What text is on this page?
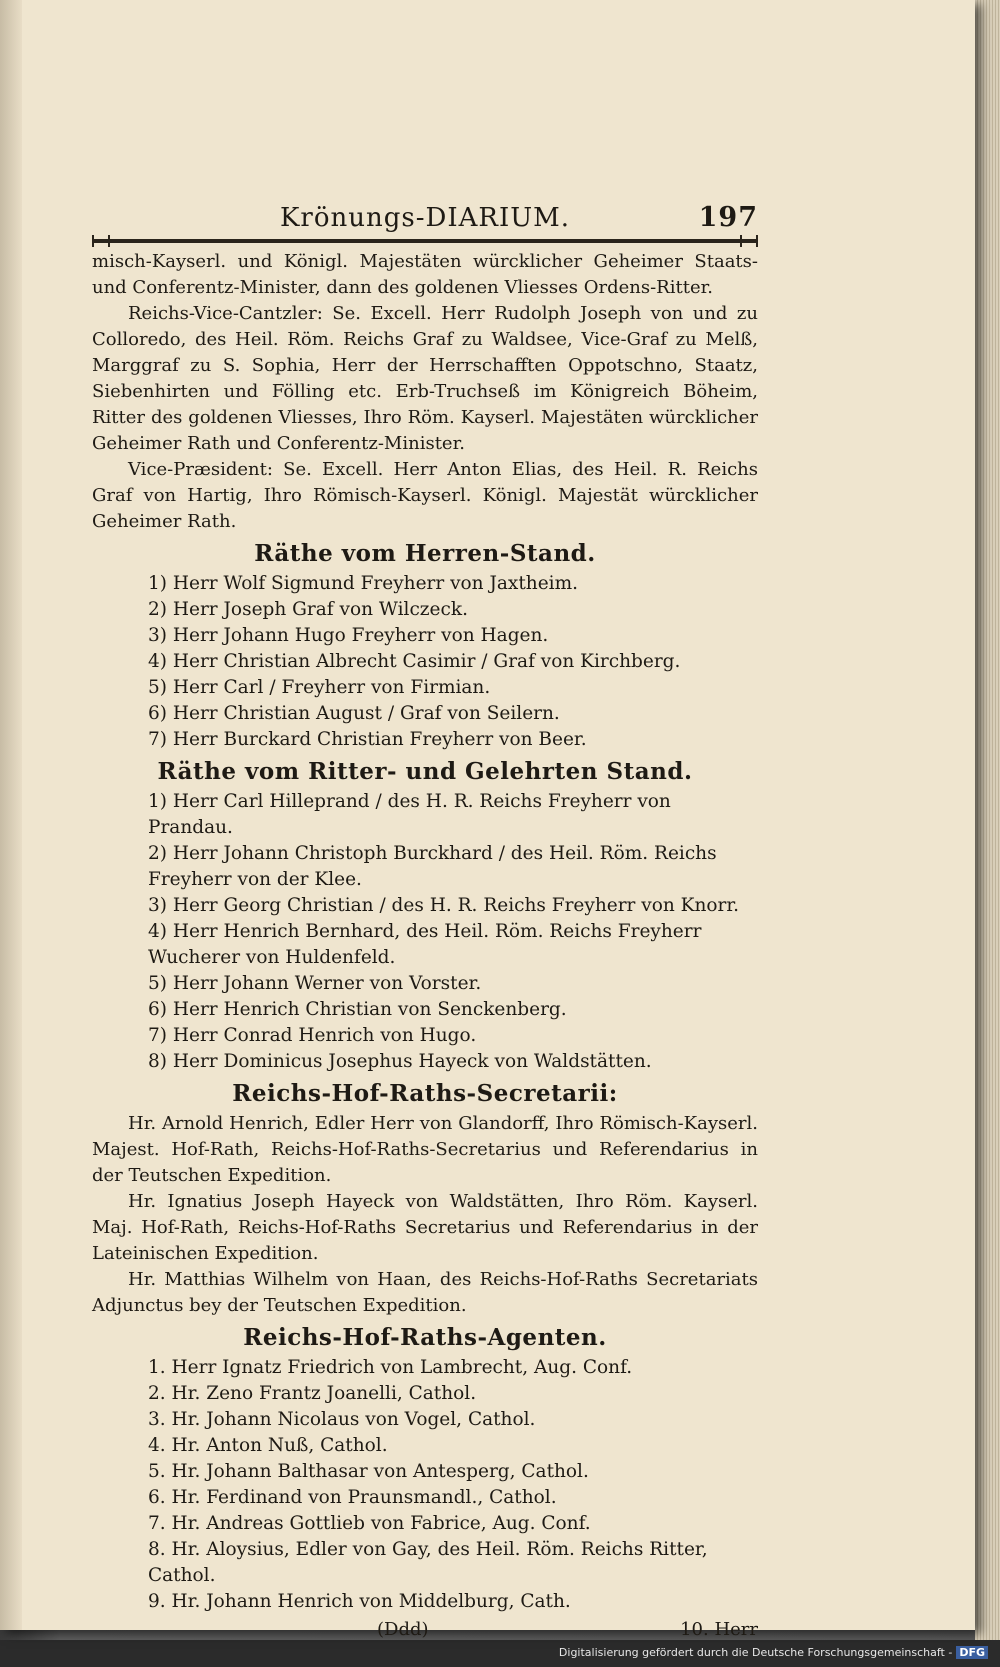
Krönungs-DIARIUM.	197

misch-Kayserl. und Königl. Majestäten würcklicher Geheimer Staats- und Conferentz-Minister, dann des goldenen Vliesses Ordens-Ritter.

Reichs-Vice-Cantzler: Se. Excell. Herr Rudolph Joseph von und zu Colloredo, des Heil. Röm. Reichs Graf zu Waldsee, Vice-Graf zu Melß, Marggraf zu S. Sophia, Herr der Herrschafften Oppotschno, Staatz, Siebenhirten und Fölling etc. Erb-Truchseß im Königreich Böheim, Ritter des goldenen Vliesses, Ihro Röm. Kayserl. Majestäten würcklicher Geheimer Rath und Conferentz-Minister.

Vice-Præsident: Se. Excell. Herr Anton Elias, des Heil. R. Reichs Graf von Hartig, Ihro Römisch-Kayserl. Königl. Majestät würcklicher Geheimer Rath.

Räthe vom Herren-Stand.
1) Herr Wolf Sigmund Freyherr von Jaxtheim.
2) Herr Joseph Graf von Wilczeck.
3) Herr Johann Hugo Freyherr von Hagen.
4) Herr Christian Albrecht Casimir / Graf von Kirchberg.
5) Herr Carl / Freyherr von Firmian.
6) Herr Christian August / Graf von Seilern.
7) Herr Burckard Christian Freyherr von Beer.
Räthe vom Ritter- und Gelehrten Stand.
1) Herr Carl Hilleprand / des H. R. Reichs Freyherr von Prandau.
2) Herr Johann Christoph Burckhard / des Heil. Röm. Reichs Freyherr von der Klee.
3) Herr Georg Christian / des H. R. Reichs Freyherr von Knorr.
4) Herr Henrich Bernhard, des Heil. Röm. Reichs Freyherr Wucherer von Huldenfeld.
5) Herr Johann Werner von Vorster.
6) Herr Henrich Christian von Senckenberg.
7) Herr Conrad Henrich von Hugo.
8) Herr Dominicus Josephus Hayeck von Waldstätten.
Reichs-Hof-Raths-Secretarii:

Hr. Arnold Henrich, Edler Herr von Glandorff, Ihro Römisch-Kayserl. Majest. Hof-Rath, Reichs-Hof-Raths-Secretarius und Referendarius in der Teutschen Expedition.

Hr. Ignatius Joseph Hayeck von Waldstätten, Ihro Röm. Kayserl. Maj. Hof-Rath, Reichs-Hof-Raths Secretarius und Referendarius in der Lateinischen Expedition.

Hr. Matthias Wilhelm von Haan, des Reichs-Hof-Raths Secretariats Adjunctus bey der Teutschen Expedition.

Reichs-Hof-Raths-Agenten.
1. Herr Ignatz Friedrich von Lambrecht, Aug. Conf.
2. Hr. Zeno Frantz Joanelli, Cathol.
3. Hr. Johann Nicolaus von Vogel, Cathol.
4. Hr. Anton Nuß, Cathol.
5. Hr. Johann Balthasar von Antesperg, Cathol.
6. Hr. Ferdinand von Praunsmandl., Cathol.
7. Hr. Andreas Gottlieb von Fabrice, Aug. Conf.
8. Hr. Aloysius, Edler von Gay, des Heil. Röm. Reichs Ritter, Cathol.
9. Hr. Johann Henrich von Middelburg, Cath.
(Ddd)	10. Herr
Digitalisierung gefördert durch die Deutsche Forschungsgemeinschaft - DFG
